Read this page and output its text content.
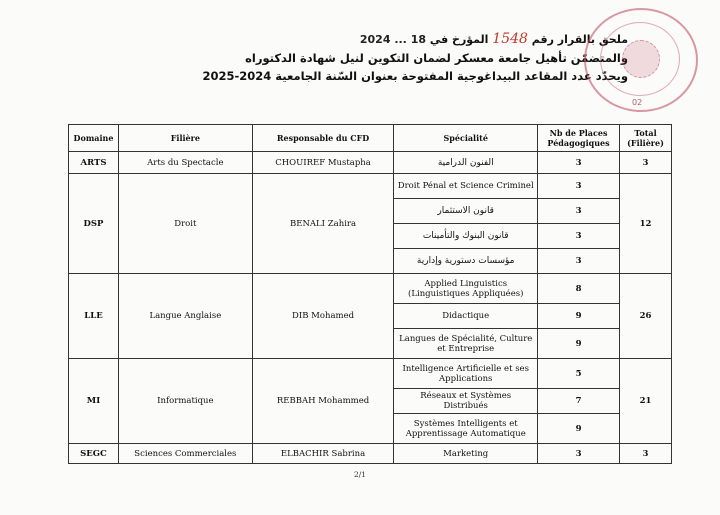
ملحق بالقرار رقم 1548 المؤرخ في 18 ... 2024
والمتضمّن تأهيل جامعة معسكر لضمان التكوين لنيل شهادة الدكتوراه
ويحدّد عدد المقاعد البيداغوجية المفتوحة بعنوان السّنة الجامعية 2024-2025
02
Domaine	Filière	Responsable du CFD	Spécialité	Nb de Places Pédagogiques	Total (Filière)
ARTS	Arts du Spectacle	CHOUIREF Mustapha	الفنون الدرامية	3	3
DSP	Droit	BENALI Zahira	Droit Pénal et Science Criminel	3	12
			قانون الاستثمار	3	
			قانون البنوك والتأمينات	3	
			مؤسسات دستورية وإدارية	3	
LLE	Langue Anglaise	DIB Mohamed	Applied Linguistics (Linguistiques Appliquées)	8	26
			Didactique	9	
			Langues de Spécialité, Culture et Entreprise	9	
MI	Informatique	REBBAH Mohammed	Intelligence Artificielle et ses Applications	5	21
			Réseaux et Systèmes Distribués	7	
			Systèmes Intelligents et Apprentissage Automatique	9	
SEGC	Sciences Commerciales	ELBACHIR Sabrina	Marketing	3	3
2/1
